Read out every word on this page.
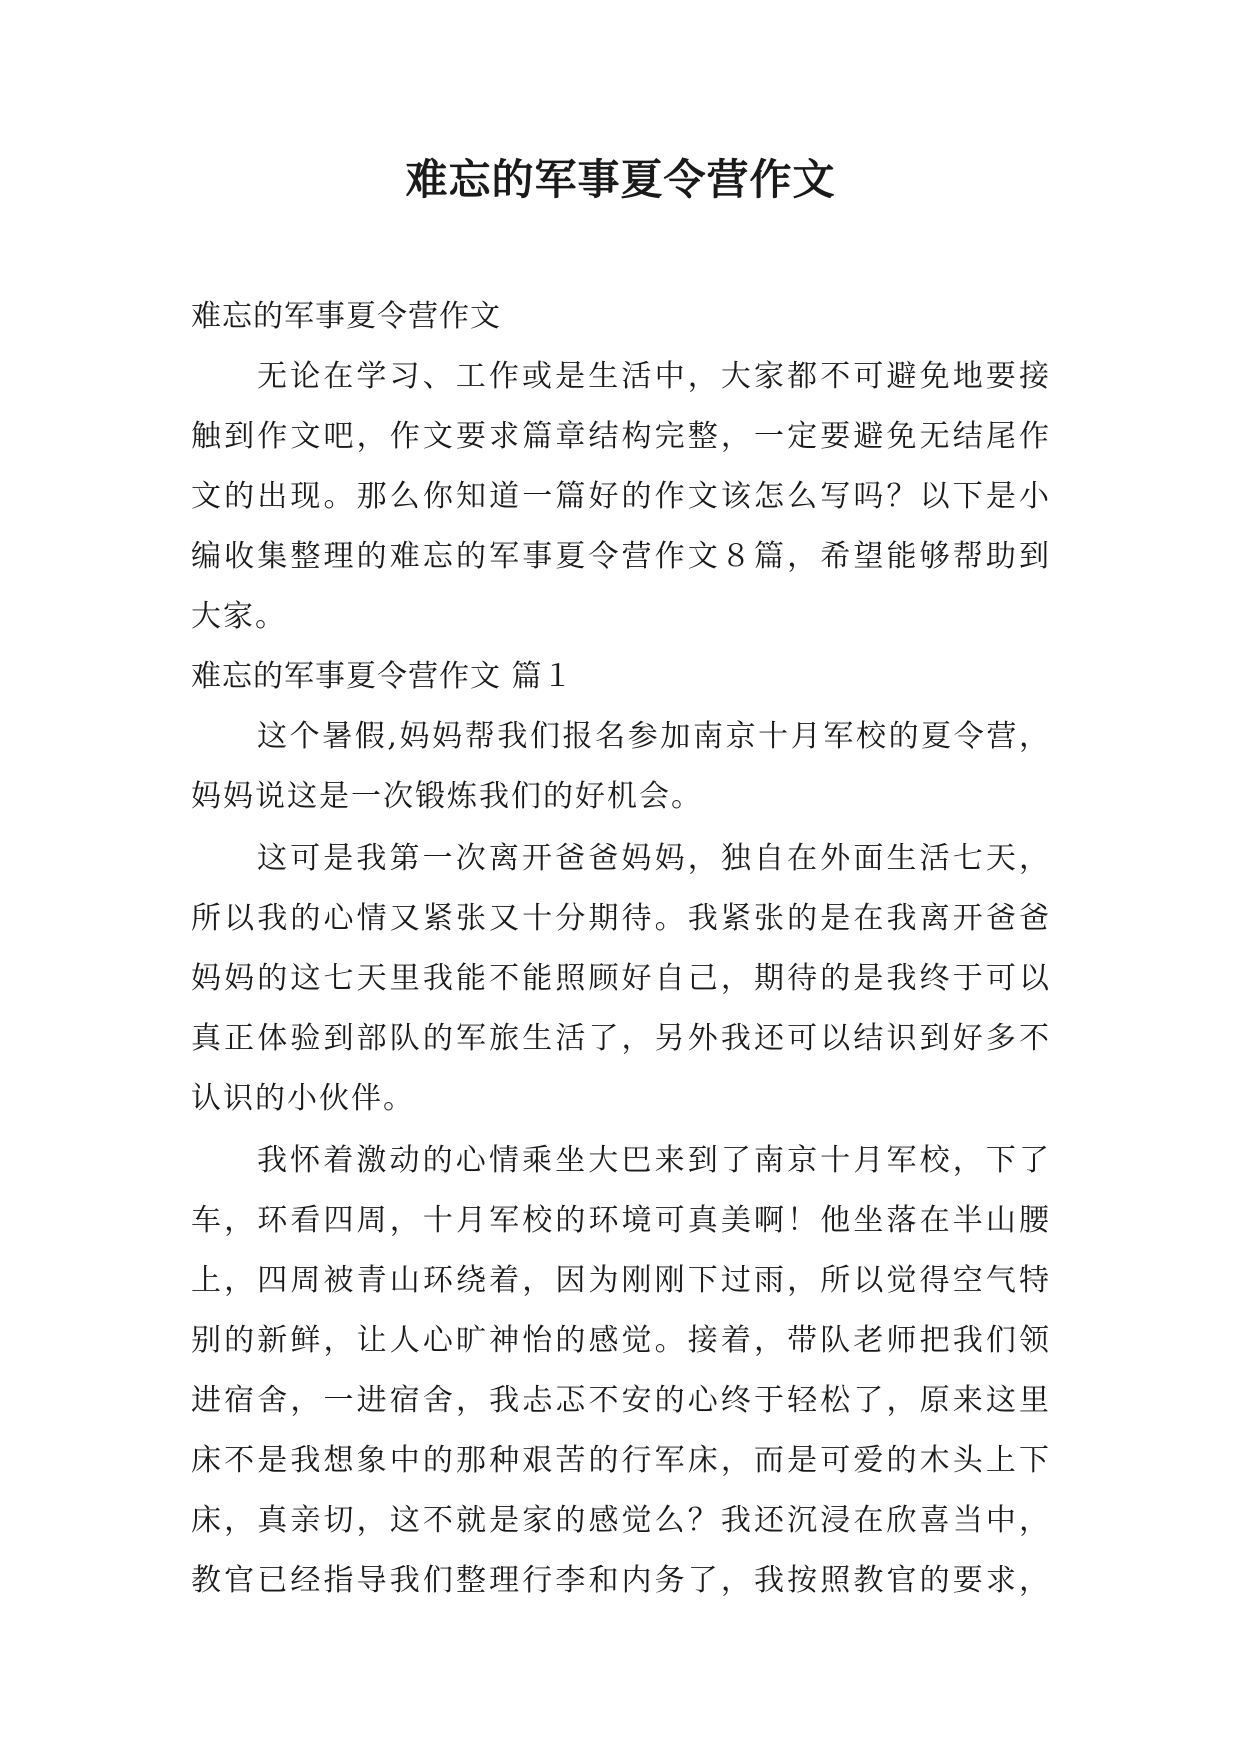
难忘的军事夏令营作文
难忘的军事夏令营作文
无论在学习、工作或是生活中，大家都不可避免地要接
触到作文吧，作文要求篇章结构完整，一定要避免无结尾作
文的出现。那么你知道一篇好的作文该怎么写吗？以下是小
编收集整理的难忘的军事夏令营作文８篇，希望能够帮助到
大家。
难忘的军事夏令营作文 篇１
这个暑假,妈妈帮我们报名参加南京十月军校的夏令营，
妈妈说这是一次锻炼我们的好机会。
这可是我第一次离开爸爸妈妈，独自在外面生活七天，
所以我的心情又紧张又十分期待。我紧张的是在我离开爸爸
妈妈的这七天里我能不能照顾好自己，期待的是我终于可以
真正体验到部队的军旅生活了，另外我还可以结识到好多不
认识的小伙伴。
我怀着激动的心情乘坐大巴来到了南京十月军校，下了
车，环看四周，十月军校的环境可真美啊！他坐落在半山腰
上，四周被青山环绕着，因为刚刚下过雨，所以觉得空气特
别的新鲜，让人心旷神怡的感觉。接着，带队老师把我们领
进宿舍，一进宿舍，我忐忑不安的心终于轻松了，原来这里
床不是我想象中的那种艰苦的行军床，而是可爱的木头上下
床，真亲切，这不就是家的感觉么？我还沉浸在欣喜当中，
教官已经指导我们整理行李和内务了，我按照教官的要求，
